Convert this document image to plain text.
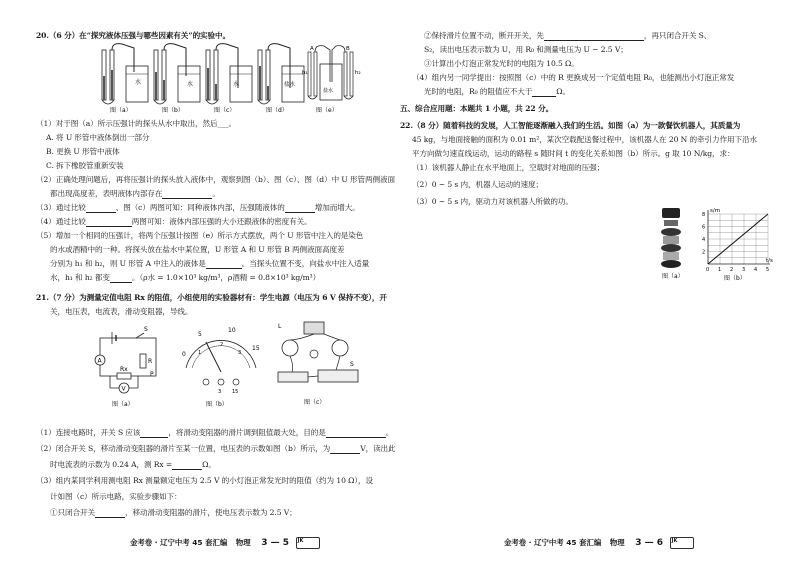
20.（6 分）在“探究液体压强与哪些因素有关”的实验中。
水
图（a）
水
图（b）
水
图（c）
盐水
图（d）
h₁	h₂
A	B
盐水
图（e）
（1）对于图（a）所示压强计的探头从水中取出，然后___。
A. 将 U 形管中液体倒出一部分
B. 更换 U 形管中液体
C. 拆下橡胶管重新安装
（2）正确处理问题后，再将压强计的探头放入液体中，观察到图（b）、图（c）、图（d）中 U 形管两侧液面
都出现高度差，表明液体内部存在	。
（3）通过比较	、图（c）两图可知：同种液体内部，压强随液体的	增加而增大。
（4）通过比较	两图可知：液体内部压强的大小还跟液体的密度有关。
（5）增加一个相同的压强计，将两个压强计按图（e）所示方式摆放，两个 U 形管中注入的是染色
的水或酒精中的一种。将探头放在盐水中某位置，U 形管 A 和 U 形管 B 两侧液面高度差
分别为 h₁ 和 h₂，则 U 形管 A 中注入的液体是	。当探头位置不变，向盐水中注入适量
水，h₁ 和 h₂ 都变	。（ρ水 = 1.0×10³ kg/m³，ρ酒精 = 0.8×10³ kg/m³）
21.（7 分）为测量定值电阻 Rx 的阻值，小组使用的实验器材有：学生电源（电压为 6 V 保持不变），开
关，电压表，电流表，滑动变阻器，导线。
A
V
R
S
Rx
P
图（a）
0
5
10
15
1
2
3
3 15
图（b）
L
S
图（c）
（1）连接电路时，开关 S 应该	，将滑动变阻器的滑片调到阻值最大处，目的是	。
（2）闭合开关 S，移动滑动变阻器的滑片至某一位置，电压表的示数如图（b）所示，为	V，读出此
时电流表的示数为 0.24 A，测 Rx =	Ω。
（3）组内某同学利用测电阻 Rx 测量额定电压为 2.5 V 的小灯泡正常发光时的阻值（约为 10 Ω），设
计如图（c）所示电路，实验步骤如下：
①只闭合开关	，移动滑动变阻器的滑片，使电压表示数为 2.5 V；
金考卷 · 辽宁中考 45 套汇编 物理 3 — 5 JK
②保持滑片位置不动，断开开关，先	，再只闭合开关 S、
S₂，读出电压表示数为 U，用 R₀ 和测量电压为 U − 2.5 V；
③计算出小灯泡正常发光时的电阻为 10.5 Ω。
（4）组内另一同学提出：按照图（c）中的 R 更换成另一个定值电阻 R₀，也能测出小灯泡正常发
光时的电阻，R₀ 的阻值应不大于	Ω。
五、综合应用题：本题共 1 小题，共 22 分。
22.（8 分）随着科技的发展，人工智能逐渐融入我们的生活。如图（a）为一款餐饮机器人，其质量为
45 kg，与地面接触的面积为 0.01 m²，某次空载配送餐过程中，该机器人在 20 N 的牵引力作用下沿水
平方向做匀速直线运动，运动的路程 s 随时间 t 的变化关系如图（b）所示。g 取 10 N/kg，求：
（1）该机器人静止在水平地面上，空载时对地面的压强；
（2）0 ~ 5 s 内，机器人运动的速度；
（3）0 ~ 5 s 内，驱动力对该机器人所做的功。
图（a）
s/m
t/s
0 1 2 3 4 5
8
6
4
2
图（b）
金考卷 · 辽宁中考 45 套汇编 物理 3 — 6 JK
